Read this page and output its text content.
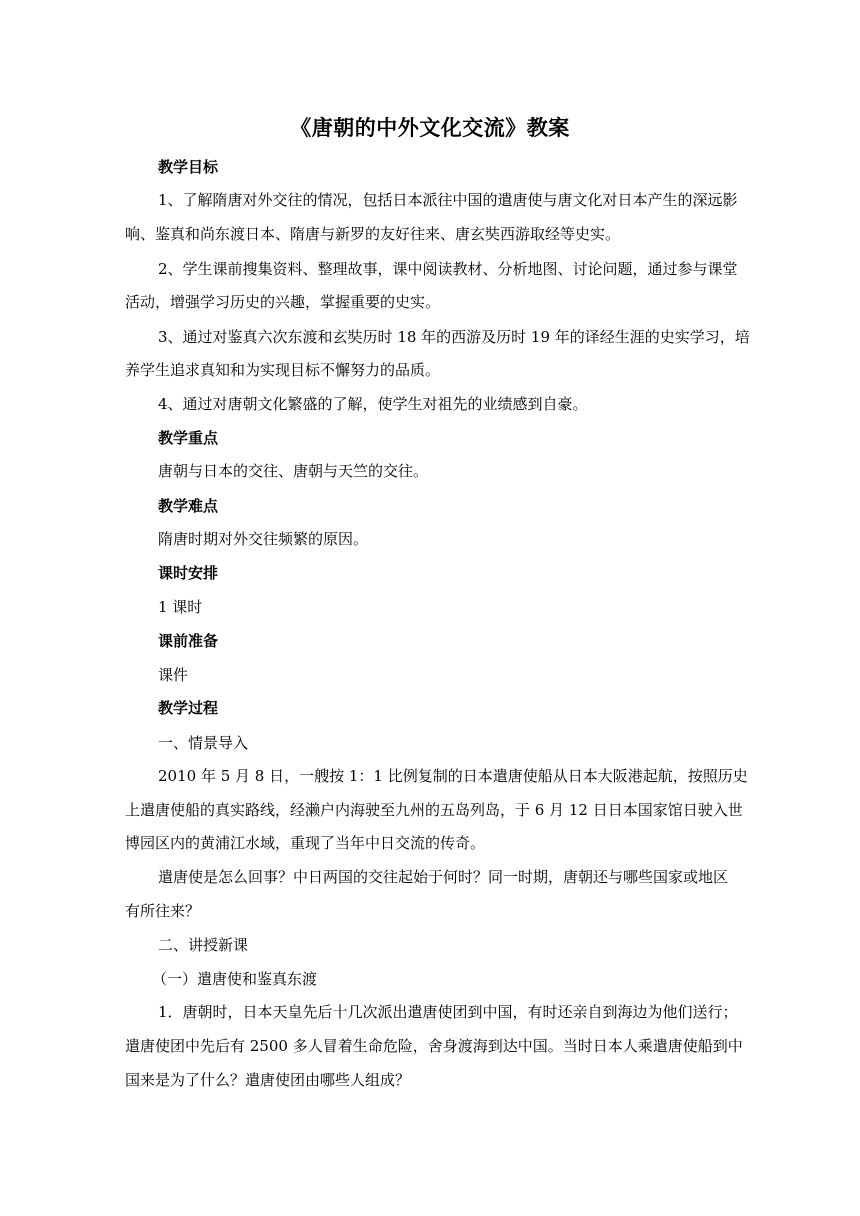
《唐朝的中外文化交流》教案
教学目标
1、了解隋唐对外交往的情况，包括日本派往中国的遣唐使与唐文化对日本产生的深远影
响、鉴真和尚东渡日本、隋唐与新罗的友好往来、唐玄奘西游取经等史实。
2、学生课前搜集资料、整理故事，课中阅读教材、分析地图、讨论问题，通过参与课堂
活动，增强学习历史的兴趣，掌握重要的史实。
3、通过对鉴真六次东渡和玄奘历时 18 年的西游及历时 19 年的译经生涯的史实学习，培
养学生追求真知和为实现目标不懈努力的品质。
4、通过对唐朝文化繁盛的了解，使学生对祖先的业绩感到自豪。
教学重点
唐朝与日本的交往、唐朝与天竺的交往。
教学难点
隋唐时期对外交往频繁的原因。
课时安排
1 课时
课前准备
课件
教学过程
一、情景导入
2010 年 5 月 8 日，一艘按 1：1 比例复制的日本遣唐使船从日本大阪港起航，按照历史
上遣唐使船的真实路线，经濑户内海驶至九州的五岛列岛，于 6 月 12 日日本国家馆日驶入世
博园区内的黄浦江水域，重现了当年中日交流的传奇。
遣唐使是怎么回事？中日两国的交往起始于何时？同一时期，唐朝还与哪些国家或地区
有所往来？
二、讲授新课
（一）遣唐使和鉴真东渡
1．唐朝时，日本天皇先后十几次派出遣唐使团到中国，有时还亲自到海边为他们送行；
遣唐使团中先后有 2500 多人冒着生命危险，舍身渡海到达中国。当时日本人乘遣唐使船到中
国来是为了什么？遣唐使团由哪些人组成？
